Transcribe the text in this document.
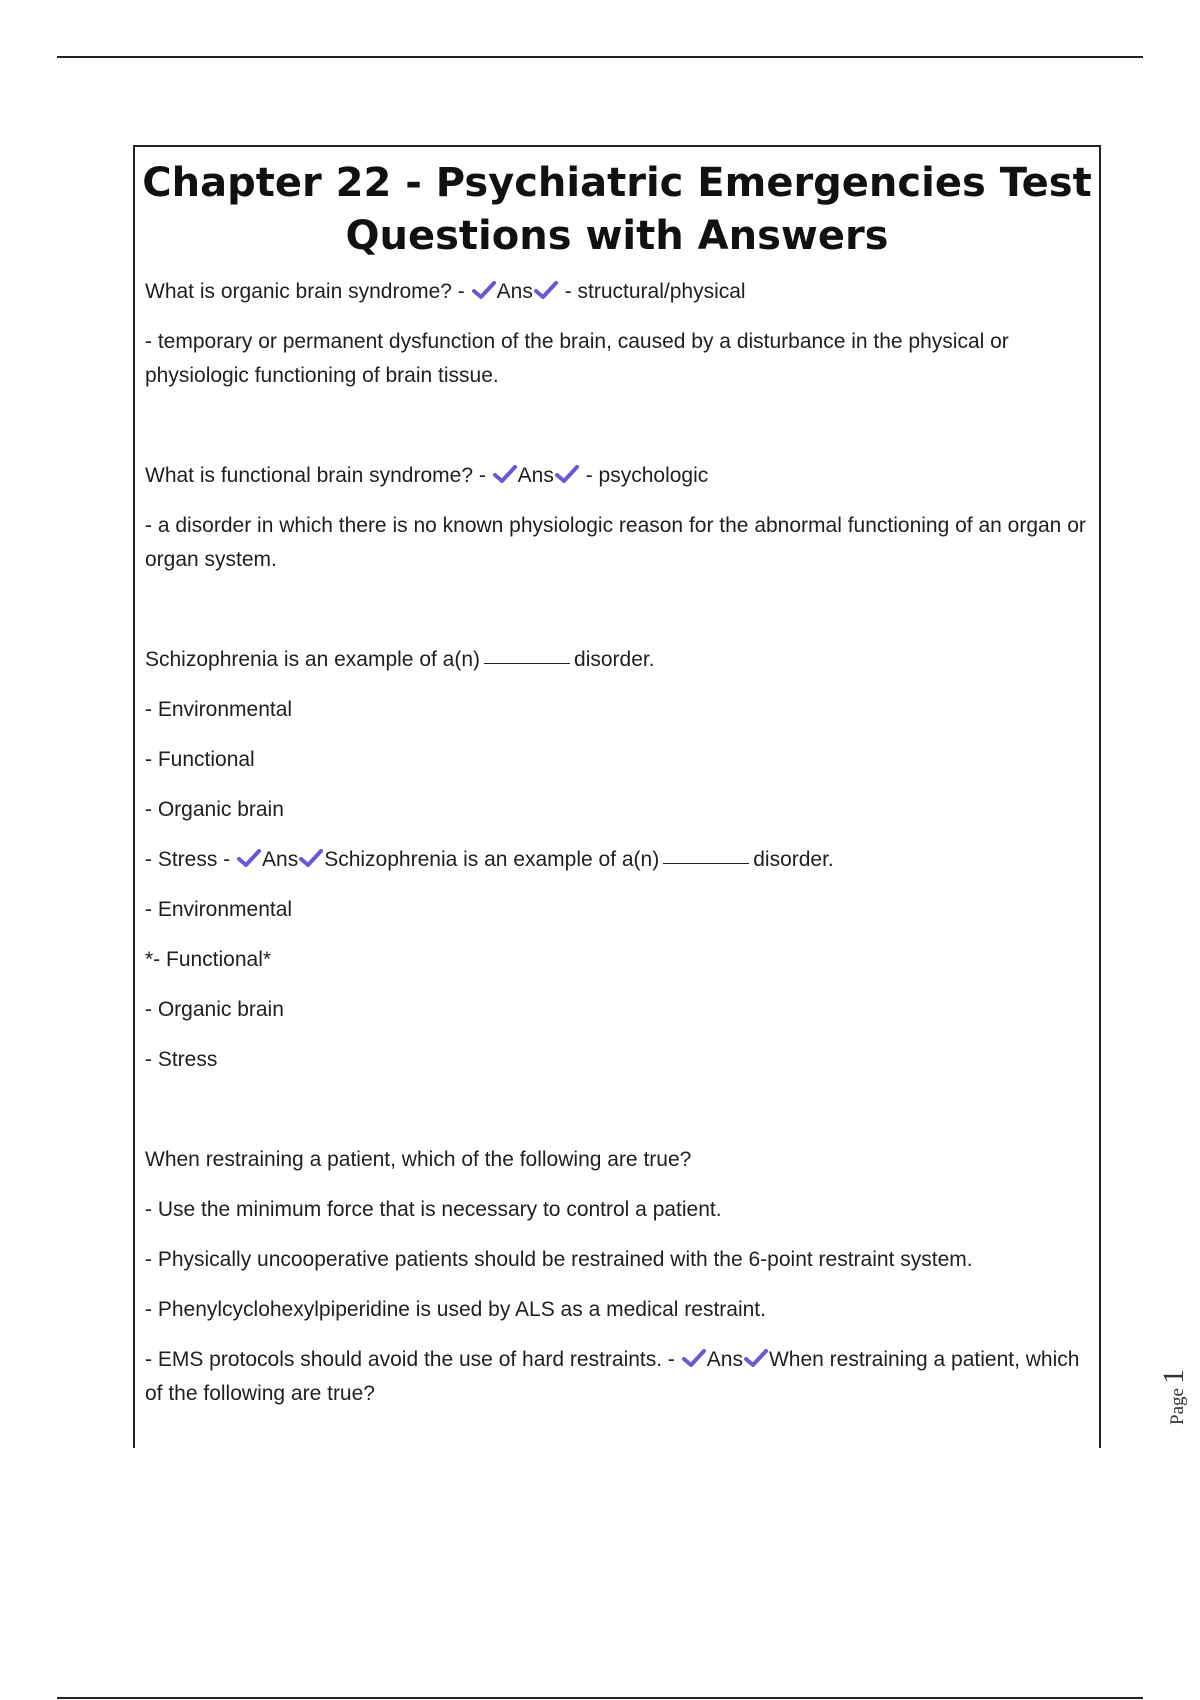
Chapter 22 - Psychiatric Emergencies Test Questions with Answers
What is organic brain syndrome? - Ans - structural/physical
- temporary or permanent dysfunction of the brain, caused by a disturbance in the physical or physiologic functioning of brain tissue.
What is functional brain syndrome? - Ans - psychologic
- a disorder in which there is no known physiologic reason for the abnormal functioning of an organ or organ system.
Schizophrenia is an example of a(n)	disorder.
- Environmental
- Functional
- Organic brain
- Stress - Ans Schizophrenia is an example of a(n)	disorder.
- Environmental
*- Functional*
- Organic brain
- Stress
When restraining a patient, which of the following are true?
- Use the minimum force that is necessary to control a patient.
- Physically uncooperative patients should be restrained with the 6-point restraint system.
- Phenylcyclohexylpiperidine is used by ALS as a medical restraint.
- EMS protocols should avoid the use of hard restraints. - Ans When restraining a patient, which of the following are true?	Page 1
